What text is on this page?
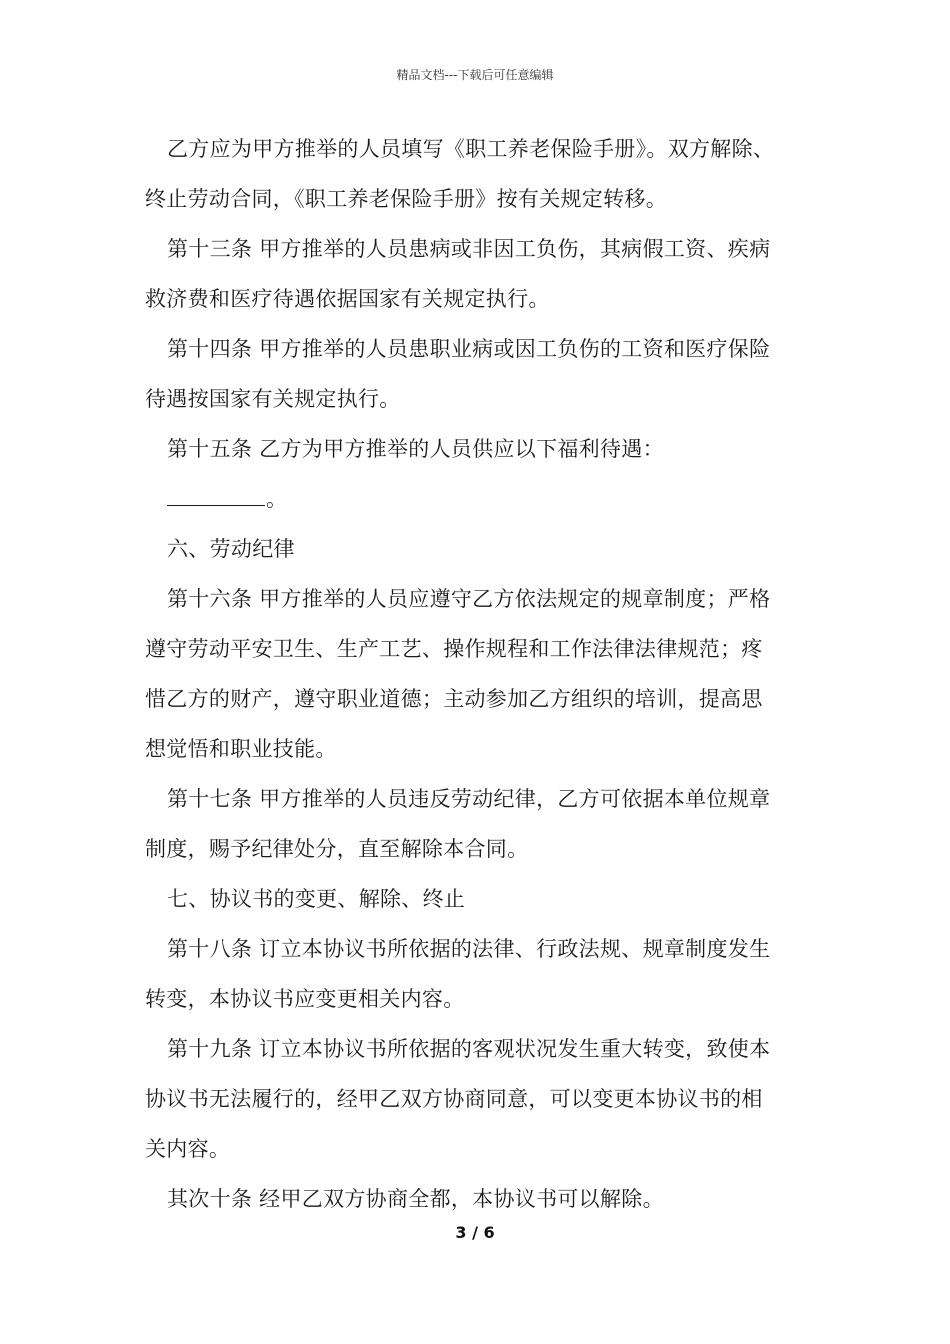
精品文档---下载后可任意编辑

乙方应为甲方推举的人员填写《职工养老保险手册》。双方解除、
终止劳动合同，《职工养老保险手册》按有关规定转移。

第十三条 甲方推举的人员患病或非因工负伤，其病假工资、疾病
救济费和医疗待遇依据国家有关规定执行。

第十四条 甲方推举的人员患职业病或因工负伤的工资和医疗保险
待遇按国家有关规定执行。

第十五条 乙方为甲方推举的人员供应以下福利待遇：

。

六、劳动纪律

第十六条 甲方推举的人员应遵守乙方依法规定的规章制度；严格
遵守劳动平安卫生、生产工艺、操作规程和工作法律法律规范；疼
惜乙方的财产，遵守职业道德；主动参加乙方组织的培训，提高思
想觉悟和职业技能。

第十七条 甲方推举的人员违反劳动纪律，乙方可依据本单位规章
制度，赐予纪律处分，直至解除本合同。

七、协议书的变更、解除、终止

第十八条 订立本协议书所依据的法律、行政法规、规章制度发生
转变，本协议书应变更相关内容。

第十九条 订立本协议书所依据的客观状况发生重大转变，致使本
协议书无法履行的，经甲乙双方协商同意，可以变更本协议书的相
关内容。

其次十条 经甲乙双方协商全都，本协议书可以解除。

3 / 6
